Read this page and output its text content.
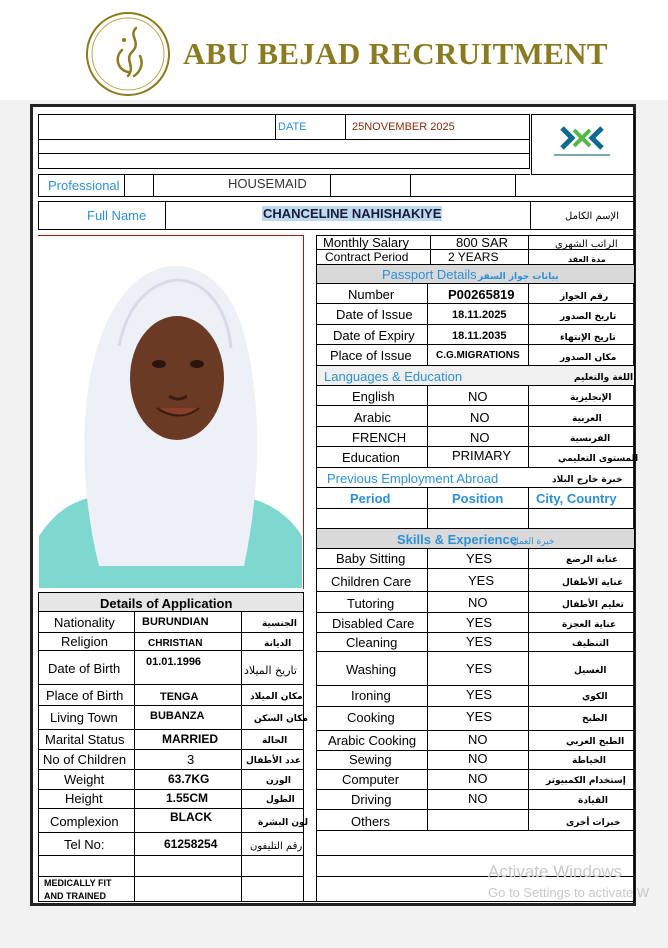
ABU BEJAD RECRUITMENT
DATE	25NOVEMBER 2025
Professional	HOUSEMAID
Full Name	CHANCELINE NAHISHAKIYE	الإسم الكامل
Monthly Salary	800 SAR	الراتب الشهري
Contract Period	2 YEARS	مدة العقد
Passport Details بيانات جواز السفر
Number	P00265819	رقم الجواز
Date of Issue	18.11.2025	تاريخ الصدور
Date of Expiry	18.11.2035	تاريخ الإنتهاء
Place of Issue C.G.MIGRATIONS	مكان الصدور
Languages & Education	اللغة والتعليم
English	NO	الإنجليزية
Arabic	NO	العربية
FRENCH	NO	الفرنسية
Education	PRIMARY	المستوى التعليمي
Previous Employment Abroad	خبرة خارج البلاد
Period	Position	City, Country
Skills & Experience
خبرة العمل
Baby Sitting	YES	عناية الرضع
Children Care	YES	عناية الأطفال
Tutoring	NO	تعليم الأطفال
Disabled Care	YES	عناية العجزة
Cleaning	YES	التنظيف
Washing	YES	الغسيل
Ironing	YES	الكوي
Cooking	YES	الطبخ
Arabic Cooking	NO	الطبخ العربي
Sewing	NO	الخياطة
Computer	NO	إستخدام الكمبيوتر
Driving	NO	القيادة
Others	خبرات أخرى
Details of Application
Nationality BURUNDIAN	الجنسية
Religion	CHRISTIAN	الديانة
Date of Birth 01.01.1996
تاريخ الميلاد
Place of Birth	TENGA	مكان الميلاد
Living Town	BUBANZA	مكان السكن
Marital Status	MARRIED	الحالة
No of Children	3	عدد الأطفال
Weight	63.7KG	الوزن
Height	1.55CM	الطول
Complexion	BLACK	لون البشرة
Tel No:	61258254	رقم التليفون
MEDICALLY FIT
AND TRAINED
Activate Windows
Go to Settings to activate W
